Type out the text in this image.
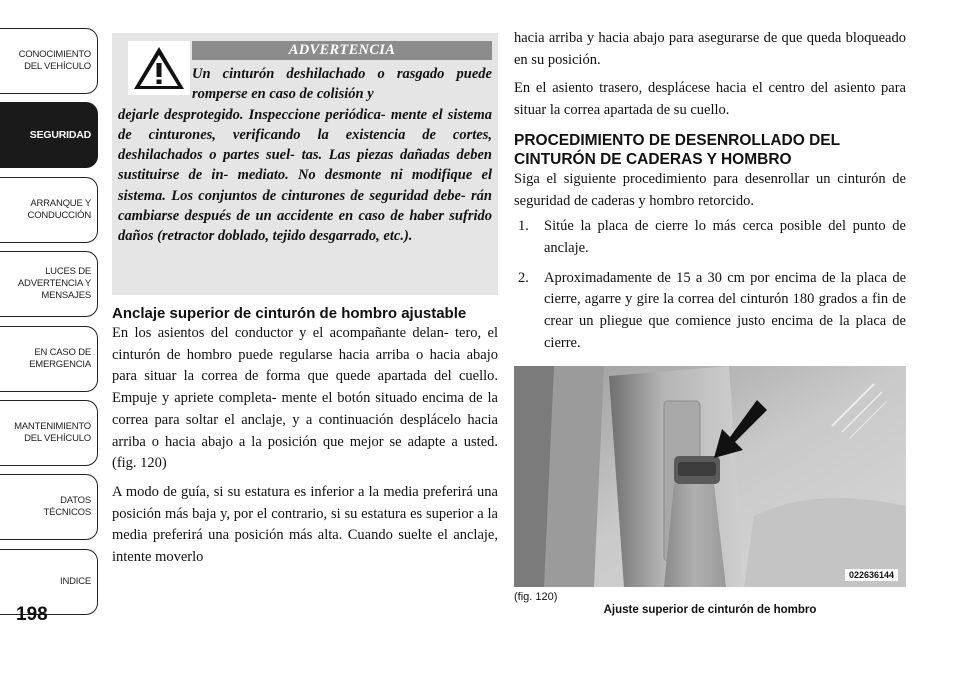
CONOCIMIENTO
DEL VEHÍCULO
SEGURIDAD
ARRANQUE Y
CONDUCCIÓN
LUCES DE
ADVERTENCIA Y
MENSAJES
EN CASO DE
EMERGENCIA
MANTENIMIENTO
DEL VEHÍCULO
DATOS
TÉCNICOS
INDICE
198
ADVERTENCIA
Un cinturón deshilachado o rasgado puede romperse en caso de colisión y
dejarle desprotegido. Inspeccione periódica- mente el sistema de cinturones, verificando la existencia de cortes, deshilachados o partes suel- tas. Las piezas dañadas deben sustituirse de in- mediato. No desmonte ni modifique el sistema. Los conjuntos de cinturones de seguridad debe- rán cambiarse después de un accidente en caso de haber sufrido daños (retractor doblado, tejido desgarrado, etc.).
Anclaje superior de cinturón de hombro ajustable

En los asientos del conductor y el acompañante delan- tero, el cinturón de hombro puede regularse hacia arriba o hacia abajo para situar la correa de forma que quede apartada del cuello. Empuje y apriete completa- mente el botón situado encima de la correa para soltar el anclaje, y a continuación desplácelo hacia arriba o hacia abajo a la posición que mejor se adapte a usted. (fig. 120)

A modo de guía, si su estatura es inferior a la media preferirá una posición más baja y, por el contrario, si su estatura es superior a la media preferirá una posición más alta. Cuando suelte el anclaje, intente moverlo

hacia arriba y hacia abajo para asegurarse de que queda bloqueado en su posición.

En el asiento trasero, desplácese hacia el centro del asiento para situar la correa apartada de su cuello.

PROCEDIMIENTO DE DESENROLLADO DEL CINTURÓN DE CADERAS Y HOMBRO

Siga el siguiente procedimiento para desenrollar un cinturón de seguridad de caderas y hombro retorcido.

1.	Sitúe la placa de cierre lo más cerca posible del punto de anclaje.
2.	Aproximadamente de 15 a 30 cm por encima de la placa de cierre, agarre y gire la correa del cinturón 180 grados a fin de crear un pliegue que comience justo encima de la placa de cierre.
022636144
(fig. 120)
Ajuste superior de cinturón de hombro
